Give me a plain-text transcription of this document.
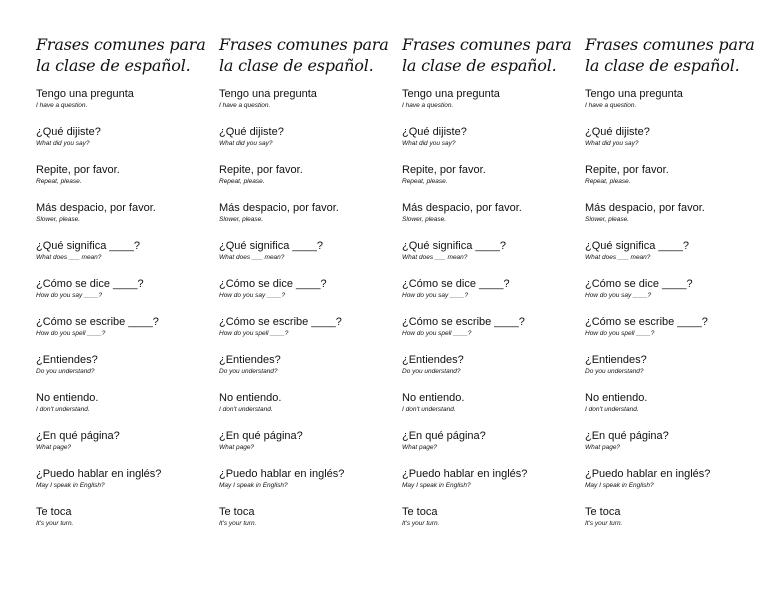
Frases comunes para
la clase de español.
Tengo una pregunta
I have a question.
¿Qué dijiste?
What did you say?
Repite, por favor.
Repeat, please.
Más despacio, por favor.
Slower, please.
¿Qué significa ____?
What does ___ mean?
¿Cómo se dice ____?
How do you say ____?
¿Cómo se escribe ____?
How do you spell ____?
¿Entiendes?
Do you understand?
No entiendo.
I don't understand.
¿En qué página?
What page?
¿Puedo hablar en inglés?
May I speak in English?
Te toca
It's your turn.
Frases comunes para
la clase de español.
Tengo una pregunta
I have a question.
¿Qué dijiste?
What did you say?
Repite, por favor.
Repeat, please.
Más despacio, por favor.
Slower, please.
¿Qué significa ____?
What does ___ mean?
¿Cómo se dice ____?
How do you say ____?
¿Cómo se escribe ____?
How do you spell ____?
¿Entiendes?
Do you understand?
No entiendo.
I don't understand.
¿En qué página?
What page?
¿Puedo hablar en inglés?
May I speak in English?
Te toca
It's your turn.
Frases comunes para
la clase de español.
Tengo una pregunta
I have a question.
¿Qué dijiste?
What did you say?
Repite, por favor.
Repeat, please.
Más despacio, por favor.
Slower, please.
¿Qué significa ____?
What does ___ mean?
¿Cómo se dice ____?
How do you say ____?
¿Cómo se escribe ____?
How do you spell ____?
¿Entiendes?
Do you understand?
No entiendo.
I don't understand.
¿En qué página?
What page?
¿Puedo hablar en inglés?
May I speak in English?
Te toca
It's your turn.
Frases comunes para
la clase de español.
Tengo una pregunta
I have a question.
¿Qué dijiste?
What did you say?
Repite, por favor.
Repeat, please.
Más despacio, por favor.
Slower, please.
¿Qué significa ____?
What does ___ mean?
¿Cómo se dice ____?
How do you say ____?
¿Cómo se escribe ____?
How do you spell ____?
¿Entiendes?
Do you understand?
No entiendo.
I don't understand.
¿En qué página?
What page?
¿Puedo hablar en inglés?
May I speak in English?
Te toca
It's your turn.
